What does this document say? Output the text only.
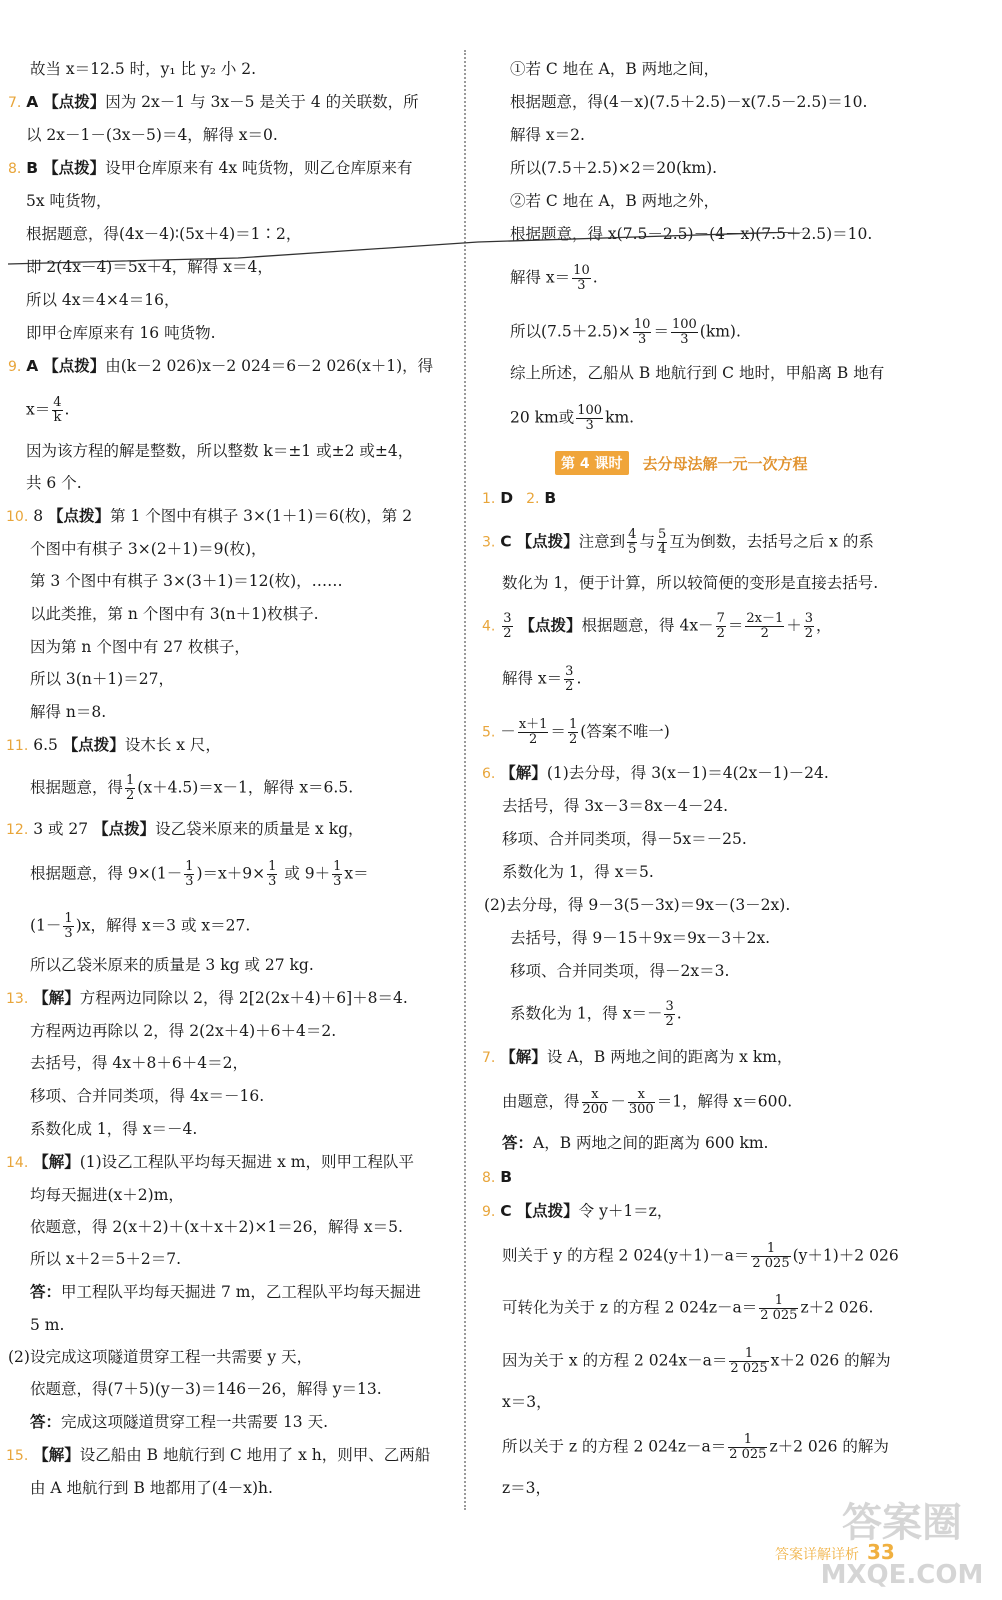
故当 x＝12.5 时，y₁ 比 y₂ 小 2.
7. A 【点拨】因为 2x－1 与 3x－5 是关于 4 的关联数，所
以 2x－1－(3x－5)＝4，解得 x＝0.
8. B 【点拨】设甲仓库原来有 4x 吨货物，则乙仓库原来有
5x 吨货物，
根据题意，得(4x－4)∶(5x＋4)＝1∶2，
即 2(4x－4)＝5x＋4，解得 x＝4，
所以 4x＝4×4＝16，
即甲仓库原来有 16 吨货物.
9. A 【点拨】由(k－2 026)x－2 024＝6－2 026(x＋1)，得
$x= \frac{4}{k}$ .
因为该方程的解是整数，所以整数 k＝±1 或±2 或±4，
共 6 个.
10. 8 【点拨】第 1 个图中有棋子 3×(1＋1)＝6(枚)，第 2
个图中有棋子 3×(2＋1)＝9(枚)，
第 3 个图中有棋子 3×(3＋1)＝12(枚)，……
以此类推，第 n 个图中有 3(n＋1)枚棋子.
因为第 n 个图中有 27 枚棋子，
所以 3(n＋1)＝27，
解得 n＝8.
11. 6.5 【点拨】设木长 x 尺，
根据题意，得 $\frac{1}{2} (x+4.5)=x-1$，解得 x＝6.5.
12. 3 或 27 【点拨】设乙袋米原来的质量是 x kg，
根据题意，得 $9\times(1- \frac{1}{3} )=x+9\times \frac{1}{3}$ 或 $9+ \frac{1}{3} x=$
$(1- \frac{1}{3} )x$，解得 x＝3 或 x＝27.
所以乙袋米原来的质量是 3 kg 或 27 kg.
13. 【解】方程两边同除以 2，得 2[2(2x＋4)＋6]＋8＝4.
方程两边再除以 2，得 2(2x＋4)＋6＋4＝2.
去括号，得 4x＋8＋6＋4＝2，
移项、合并同类项，得 4x＝－16.
系数化成 1，得 x＝－4.
14. 【解】(1)设乙工程队平均每天掘进 x m，则甲工程队平
均每天掘进(x＋2)m，
依题意，得 2(x＋2)＋(x＋x＋2)×1＝26，解得 x＝5.
所以 x＋2＝5＋2＝7.
答：甲工程队平均每天掘进 7 m，乙工程队平均每天掘进
5 m.
(2)设完成这项隧道贯穿工程一共需要 y 天，
依题意，得(7＋5)(y－3)＝146－26，解得 y＝13.
答：完成这项隧道贯穿工程一共需要 13 天.
15. 【解】设乙船由 B 地航行到 C 地用了 x h，则甲、乙两船
由 A 地航行到 B 地都用了(4－x)h.
①若 C 地在 A，B 两地之间，
根据题意，得(4－x)(7.5＋2.5)－x(7.5－2.5)＝10.
解得 x＝2.
所以(7.5＋2.5)×2＝20(km).
②若 C 地在 A，B 两地之外，
根据题意，得 x(7.5－2.5)－(4－x)(7.5＋2.5)＝10.
解得 $x= \frac{10}{3}$ .
所以$(7.5+2.5)\times \frac{10}{3} = \frac{100}{3} (km)$.
综上所述，乙船从 B 地航行到 C 地时，甲船离 B 地有
20 km或 $\frac{100}{3}$ km.
1. D 2. B
3. C 【点拨】注意到 $\frac{4}{5}$ 与 $\frac{5}{4}$ 互为倒数，去括号之后 x 的系
数化为 1，便于计算，所以较简便的变形是直接去括号.
4. $\frac{3}{2}$ 【点拨】根据题意，得 $4x- \frac{7}{2} = \frac{2x-1}{2} + \frac{3}{2}$ ，
解得 $x= \frac{3}{2}$ .
5. － $\frac{x+1}{2} = \frac{1}{2}$ (答案不唯一)
6. 【解】(1)去分母，得 3(x－1)＝4(2x－1)－24.
去括号，得 3x－3＝8x－4－24.
移项、合并同类项，得－5x＝－25.
系数化为 1，得 x＝5.
(2)去分母，得 9－3(5－3x)＝9x－(3－2x).
去括号，得 9－15＋9x＝9x－3＋2x.
移项、合并同类项，得－2x＝3.
系数化为 1，得 $x=- \frac{3}{2}$ .
7. 【解】设 A，B 两地之间的距离为 x km，
由题意，得 $\frac{x}{200} - \frac{x}{300} =1$，解得 x＝600.
答：A，B 两地之间的距离为 600 km.
8. B
9. C 【点拨】令 y＋1＝z，
则关于 y 的方程 2 $024(y+1)-a= \frac{1}{2 025} (y+1)+2$ 026
可转化为关于 z 的方程 2 $024z-a= \frac{1}{2 025} z+2$ 026.
因为关于 x 的方程 2 $024x-a= \frac{1}{2 025} x+2$ 026 的解为
x＝3，
所以关于 z 的方程 2 $024z-a= \frac{1}{2 025} z+2$ 026 的解为
z＝3，
第 4 课时	去分母法解一元一次方程
答案详解详析 33
答案圈
MXQE.COM
